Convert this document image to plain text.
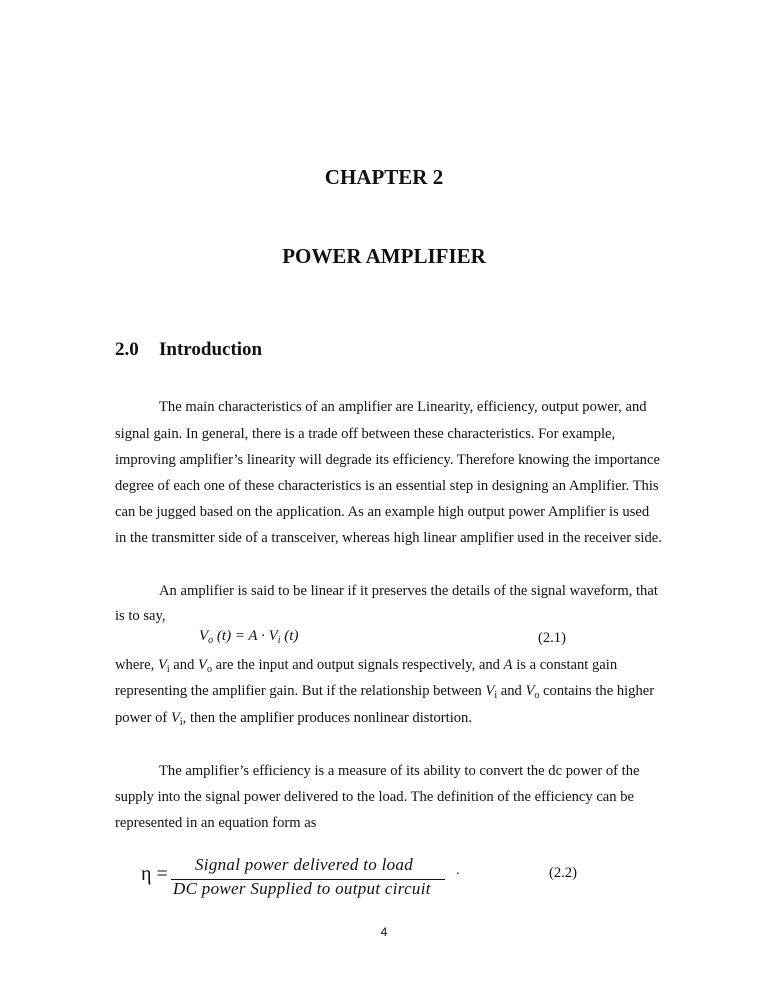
CHAPTER 2
POWER AMPLIFIER
2.0 Introduction
The main characteristics of an amplifier are Linearity, efficiency, output power, and
signal gain. In general, there is a trade off between these characteristics. For example,
improving amplifier’s linearity will degrade its efficiency. Therefore knowing the importance
degree of each one of these characteristics is an essential step in designing an Amplifier. This
can be jugged based on the application. As an example high output power Amplifier is used
in the transmitter side of a transceiver, whereas high linear amplifier used in the receiver side.
An amplifier is said to be linear if it preserves the details of the signal waveform, that
is to say,
$V_o$ $(t) = A \cdot V_i$ (t)	(2.1)
where, $V_i$ and $V_o$ are the input and output signals respectively, and A is a constant gain
representing the amplifier gain. But if the relationship between $V_i$ and $V_o$ contains the higher
power of $V_i$, then the amplifier produces nonlinear distortion.
The amplifier’s efficiency is a measure of its ability to convert the dc power of the
supply into the signal power delivered to the load. The definition of the efficiency can be
represented in an equation form as
η = Signal power delivered to load
DC power Supplied to output circuit
.	(2.2)
4
